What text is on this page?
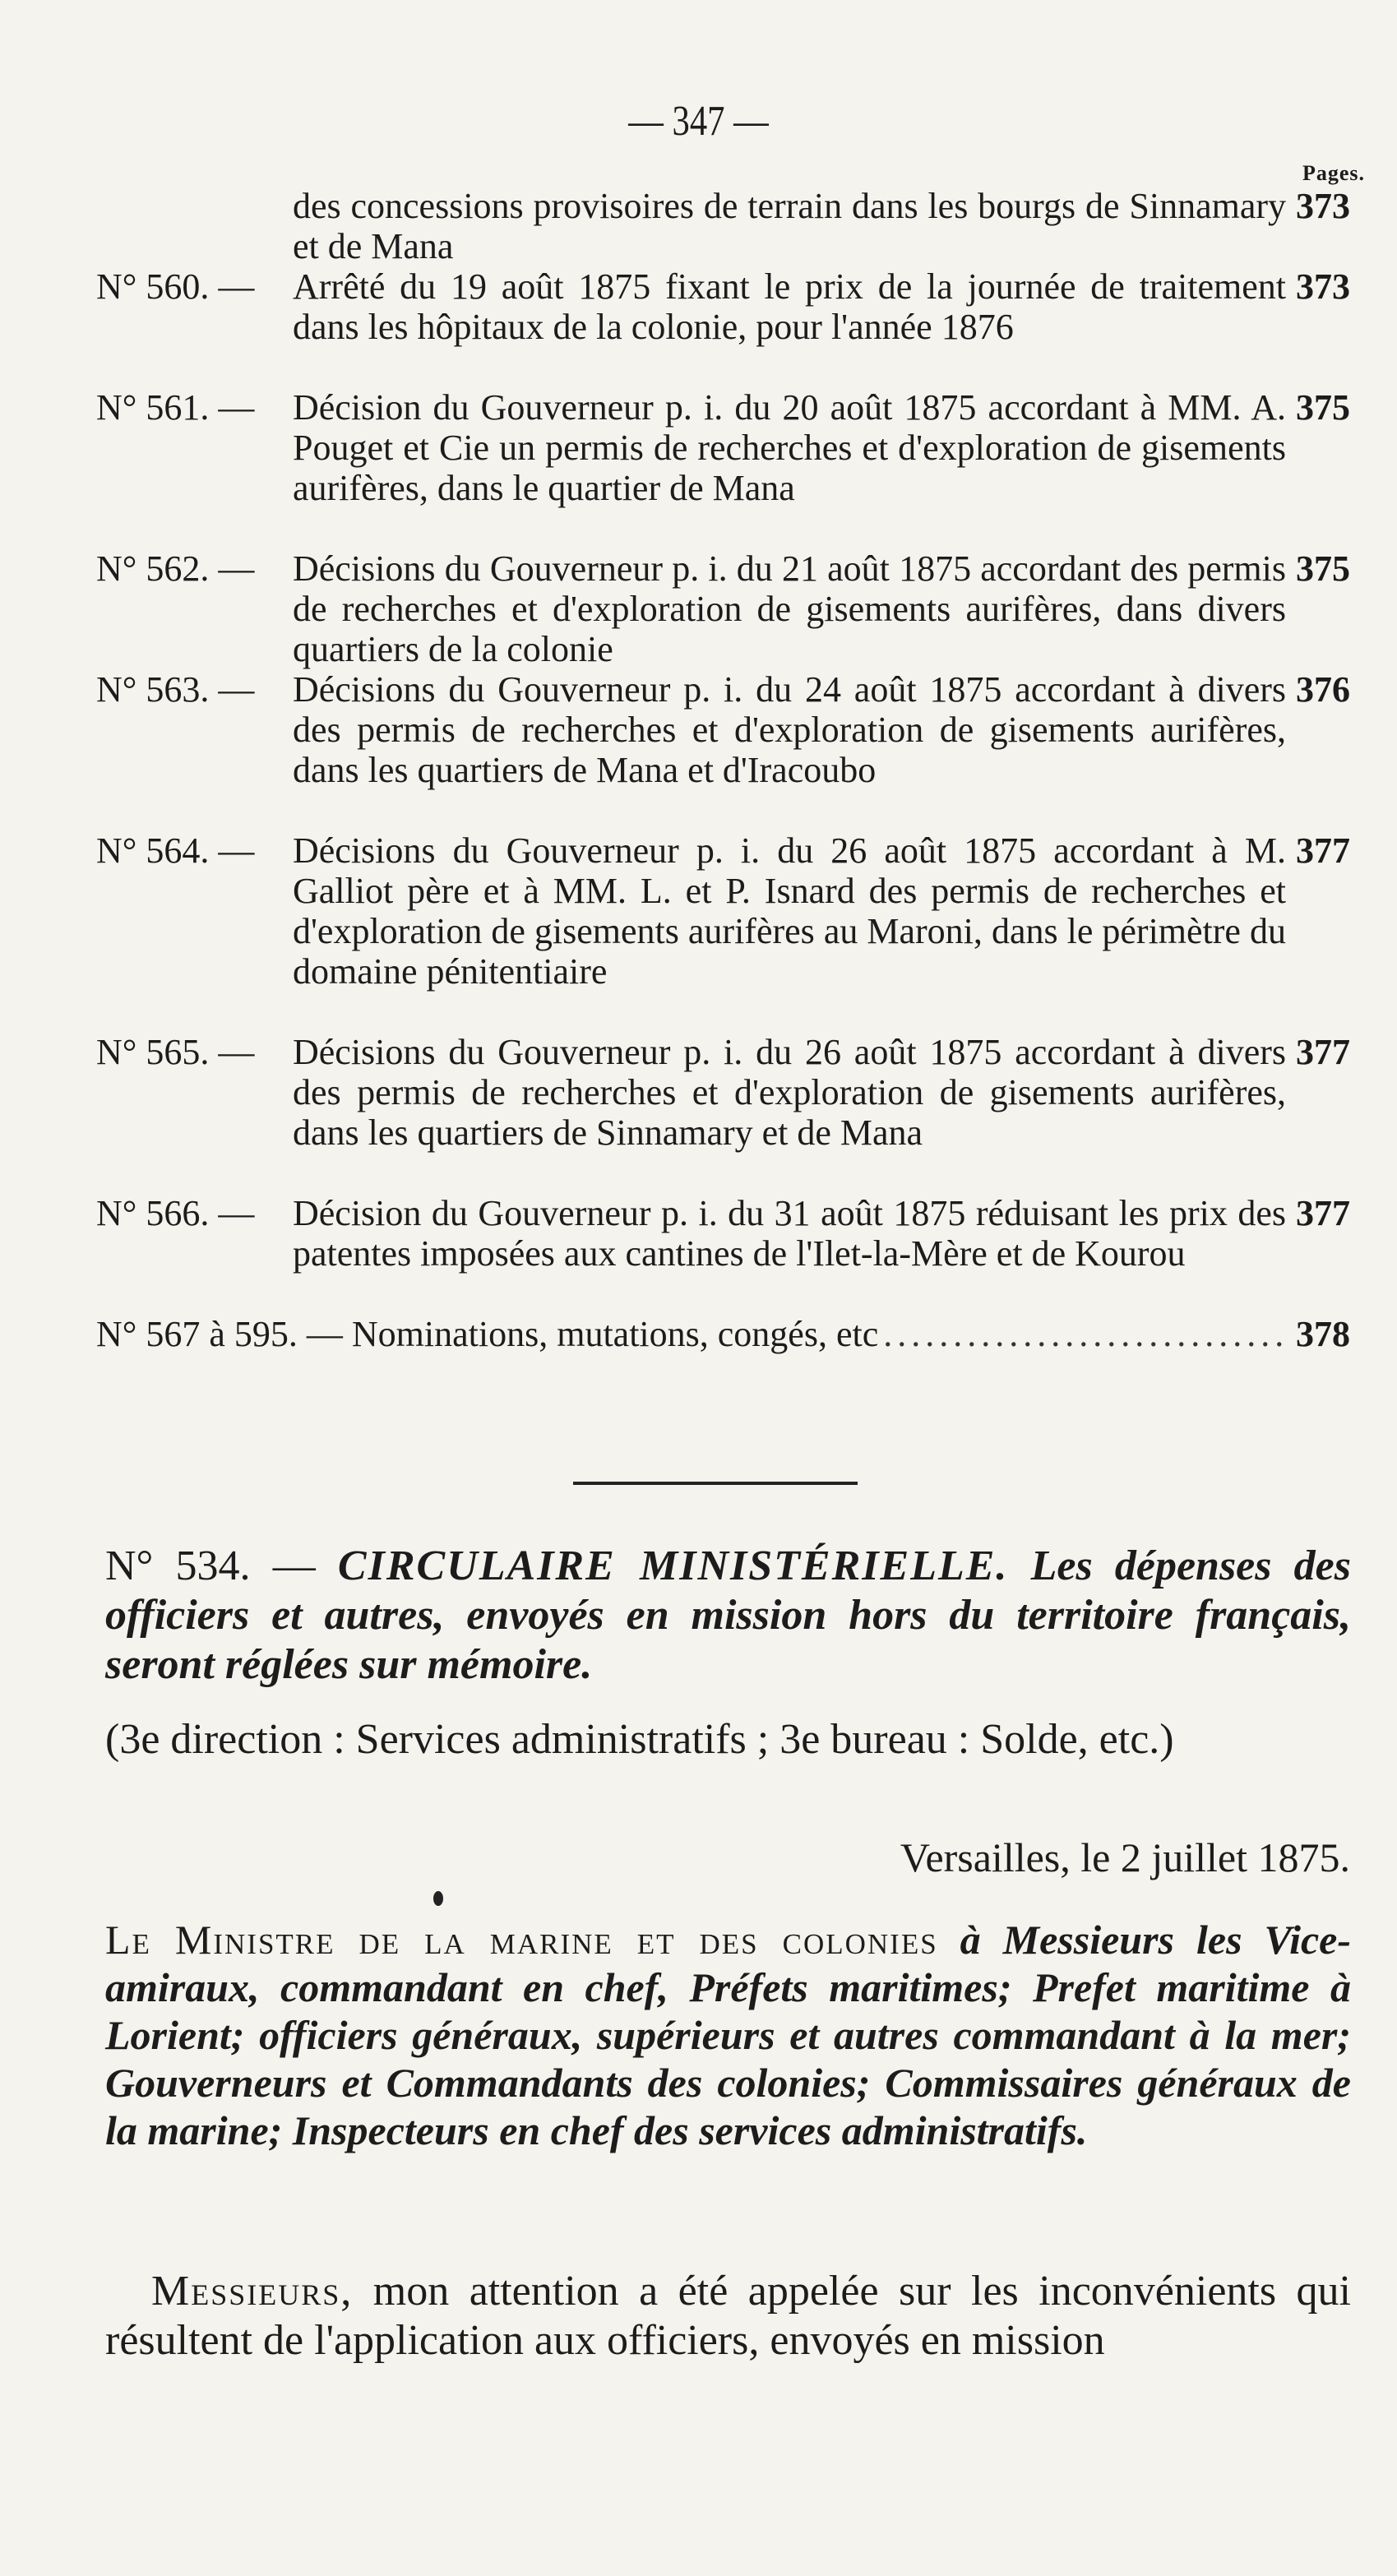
— 347 —
Pages.
des concessions provisoires de terrain dans les bourgs de Sinnamary et de Mana
373
N° 560. — Arrêté du 19 août 1875 fixant le prix de la journée de traitement dans les hôpitaux de la colonie, pour l'année 1876
373
N° 561. — Décision du Gouverneur p. i. du 20 août 1875 accordant à MM. A. Pouget et Cie un permis de recherches et d'exploration de gisements aurifères, dans le quartier de Mana
375
N° 562. — Décisions du Gouverneur p. i. du 21 août 1875 accordant des permis de recherches et d'exploration de gisements aurifères, dans divers quartiers de la colonie
375
N° 563. — Décisions du Gouverneur p. i. du 24 août 1875 accordant à divers des permis de recherches et d'exploration de gisements aurifères, dans les quartiers de Mana et d'Iracoubo
376
N° 564. — Décisions du Gouverneur p. i. du 26 août 1875 accordant à M. Galliot père et à MM. L. et P. Isnard des permis de recherches et d'exploration de gisements aurifères au Maroni, dans le périmètre du domaine pénitentiaire
377
N° 565. — Décisions du Gouverneur p. i. du 26 août 1875 accordant à divers des permis de recherches et d'exploration de gisements aurifères, dans les quartiers de Sinnamary et de Mana
377
N° 566. — Décision du Gouverneur p. i. du 31 août 1875 réduisant les prix des patentes imposées aux cantines de l'Ilet-la-Mère et de Kourou
377
N° 567 à 595. — Nominations, mutations, congés, etc
.....	378
N° 534. — CIRCULAIRE MINISTÉRIELLE. Les dépenses des officiers et autres, envoyés en mission hors du territoire français, seront réglées sur mémoire.
(3e direction : Services administratifs ; 3e bureau : Solde, etc.)
Versailles, le 2 juillet 1875.
Le Ministre de la marine et des colonies à Messieurs les Vice-amiraux, commandant en chef, Préfets maritimes; Prefet maritime à Lorient; officiers généraux, supérieurs et autres commandant à la mer; Gouverneurs et Commandants des colonies; Commissaires généraux de la marine; Inspecteurs en chef des services administratifs.
Messieurs, mon attention a été appelée sur les inconvénients qui résultent de l'application aux officiers, envoyés en mission
